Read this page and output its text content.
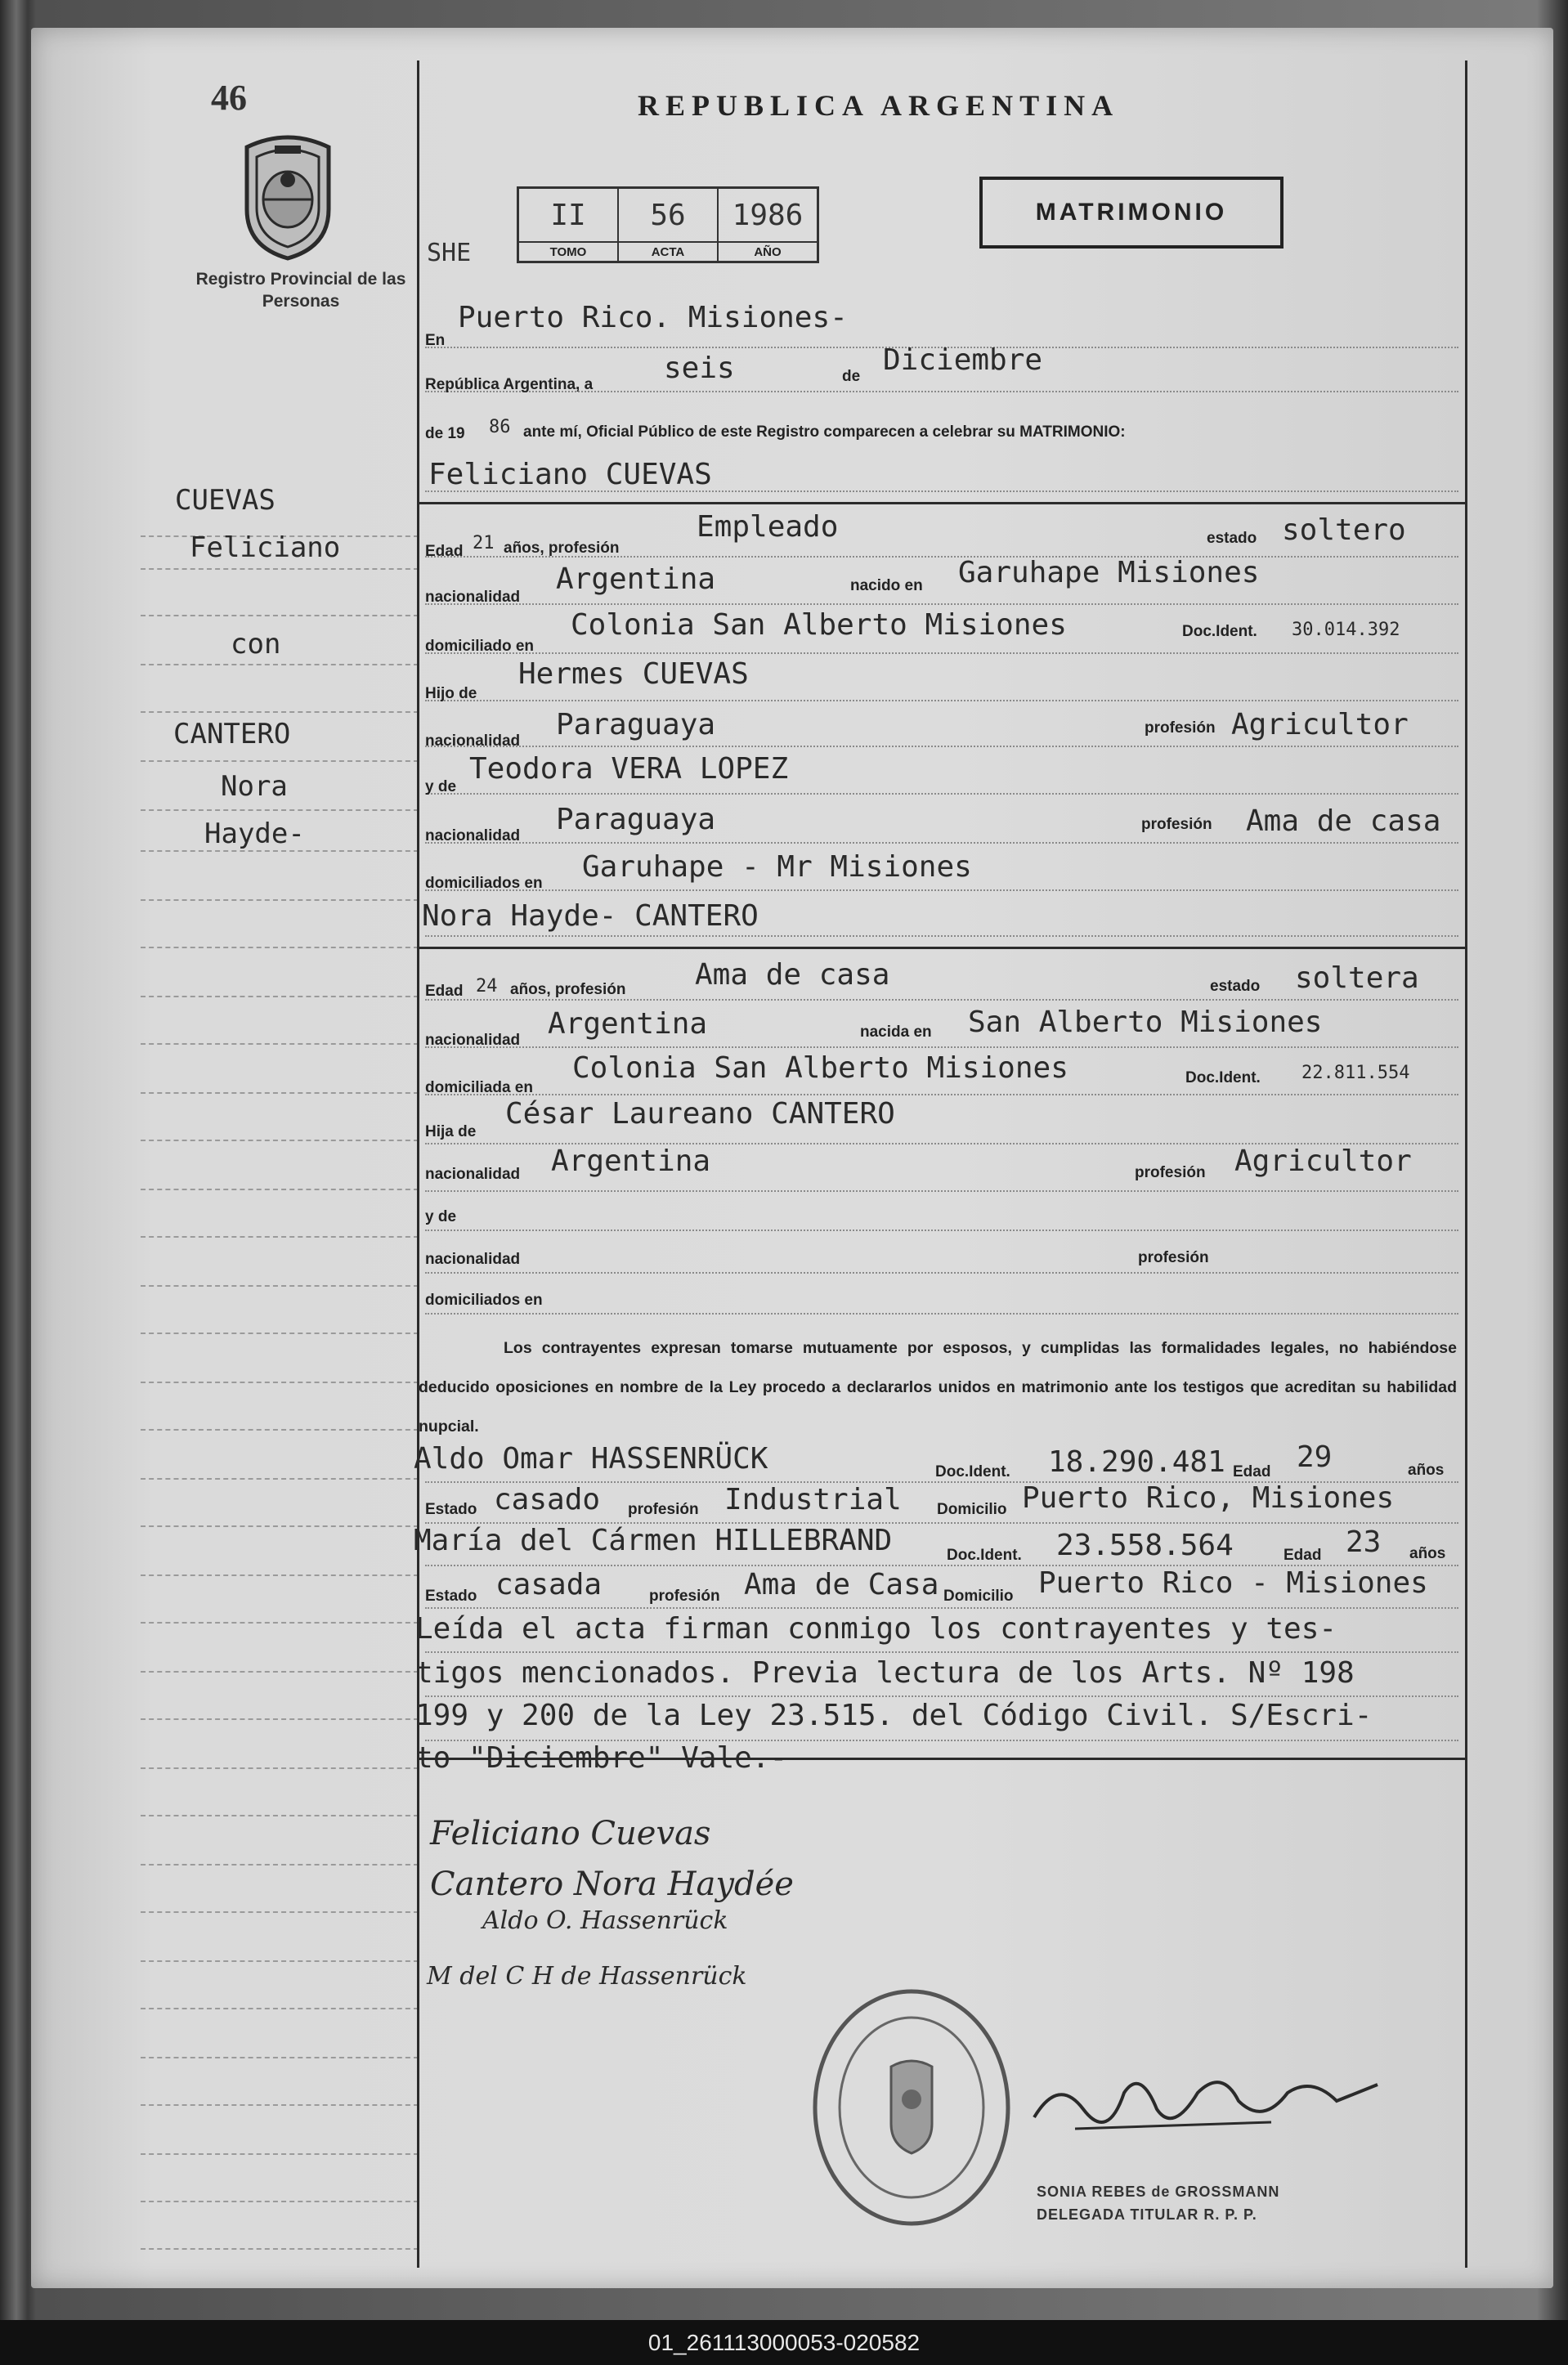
46
Registro Provincial de las Personas
REPUBLICA ARGENTINA
MATRIMONIO
SHE
II	56	1986
TOMO	ACTA	AÑO
CUEVAS
Feliciano
con
CANTERO
Nora
Hayde-
En
Puerto Rico. Misiones-
República Argentina, a seis	de Diciembre
de 19 86 ante mí, Oficial Público de este Registro comparecen a celebrar su MATRIMONIO:
Feliciano CUEVAS
Edad 21 años, profesión
Empleado	estado soltero
nacionalidad
Argentina	nacido en Garuhape Misiones
domiciliado en
Colonia San Alberto Misiones	Doc.Ident. 30.014.392
Hijo de
Hermes CUEVAS
nacionalidad Paraguaya	profesión Agricultor
y de
Teodora VERA LOPEZ
nacionalidad Paraguaya	profesión Ama de casa
domiciliados en Garuhape - Mr Misiones
Nora Hayde- CANTERO
Edad 24 años, profesión Ama de casa	estado soltera
nacionalidad Argentina	nacida en San Alberto Misiones
domiciliada en
Colonia San Alberto Misiones	Doc.Ident. 22.811.554
Hija de
César Laureano CANTERO
nacionalidad Argentina	profesión Agricultor
y de
nacionalidad	profesión
domiciliados en
Los contrayentes expresan tomarse mutuamente por esposos, y cumplidas las formalidades legales, no habiéndose deducido oposiciones en nombre de la Ley procedo a declararlos unidos en matrimonio ante los testigos que acreditan su habilidad nupcial.
Aldo Omar HASSENRÜCK	Doc.Ident. 18.290.481 Edad 29	años
Estado casado profesión Industrial Domicilio Puerto Rico, Misiones
María del Cármen HILLEBRAND	Doc.Ident. 23.558.564	Edad 23 años
Estado casada	profesión Ama de Casa Domicilio Puerto Rico - Misiones
Leída el acta firman conmigo los contrayentes y tes-
tigos mencionados. Previa lectura de los Arts. Nº 198
199 y 200 de la Ley 23.515. del Código Civil. S/Escri-
to "Diciembre" Vale.-
Feliciano Cuevas
Cantero Nora Haydée
Aldo O. Hassenrück
M del C H de Hassenrück
SONIA REBES de GROSSMANN
DELEGADA TITULAR R. P. P.
01_261113000053-020582
